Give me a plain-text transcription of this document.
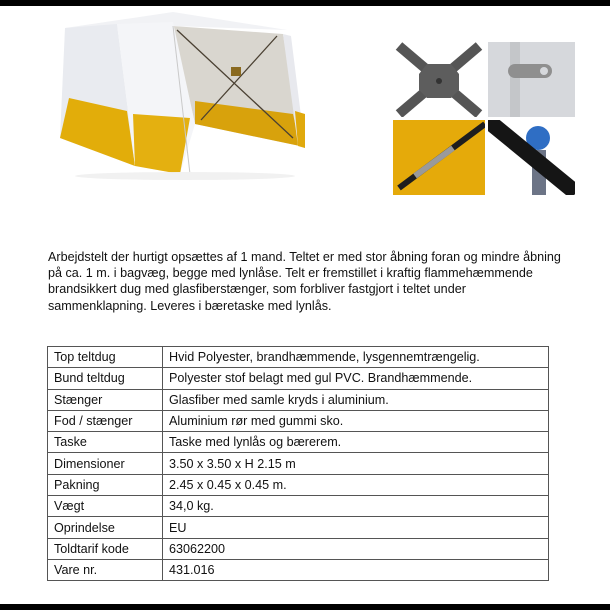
Arbejdstelt der hurtigt opsættes af 1 mand. Teltet er med stor åbning foran og mindre åbning på ca. 1 m. i bagvæg, begge med lynlåse. Telt er fremstillet i kraftig flammehæmmende brandsikkert dug med glasfiberstænger, som forbliver fastgjort i teltet under sammenklapning. Leveres i bæretaske med lynlås.

Top teltdug	Hvid Polyester, brandhæmmende, lysgennemtrængelig.
Bund teltdug	Polyester stof belagt med gul PVC. Brandhæmmende.
Stænger	Glasfiber med samle kryds i aluminium.
Fod / stænger	Aluminium rør med gummi sko.
Taske	Taske med lynlås og bærerem.
Dimensioner	3.50 x 3.50 x H 2.15 m
Pakning	2.45 x 0.45 x 0.45 m.
Vægt	34,0 kg.
Oprindelse	EU
Toldtarif kode	63062200
Vare nr.	431.016
